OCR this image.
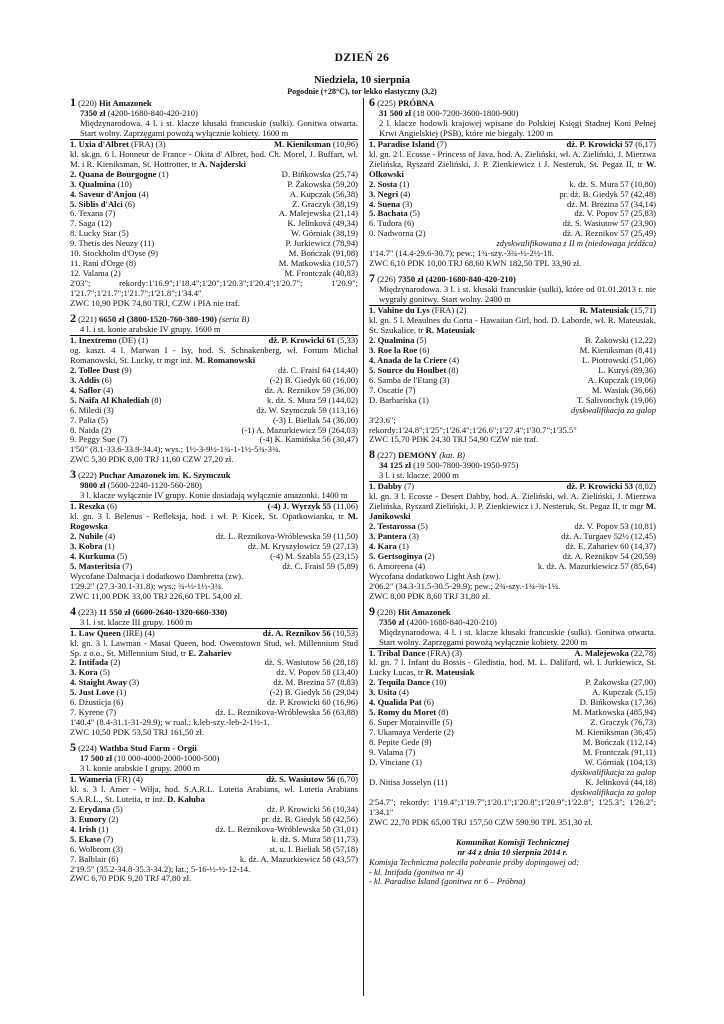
DZIEŃ 26
Niedziela, 10 sierpnia
Pogodnie (+28°C), tor lekko elastyczny (3,2)
1 (220) Hit Amazonek
7350 zł (4200-1680-840-420-210)
Międzynarodowa. 4 l. i st. klacze kłusaki francuskie (sulki). Gonitwa otwarta. Start wolny. Zaprzęgami powożą wyłącznie kobiety. 1600 m
1. Uxia d'Albret (FRA) (3)	M. Kieniksman (10,96)
kl. sk.gn. 6 l. Honneur de France - Okita d' Albret, hod. Ch. Morel, J. Buffart, wł. M. i R. Kieniksman, St. Hottrotter, tr A. Najderski
2. Quana de Bourgogne (1)	D. Bińkowska (25,74)
3. Qualmina (10)	P. Żakowska (59,20)
4. Saveur d'Anjou (4)	A. Kupczak (56,38)
5. Siblis d'Alci (6)	Z. Graczyk (38,19)
6. Texana (7)	A. Malejewska (21,14)
7. Saga (12)	K. Jelinková (49,34)
8. Lucky Star (5)	W. Górniak (38,19)
9. Thetis des Neuzy (11)	P. Jurkiewicz (78,94)
10. Stockholm d'Oyse (9)	M. Bończak (91,08)
11. Rani d'Orge (8)	M. Matkowska (10,57)
12. Valama (2)	M. Frontczak (40,83)
2'03"; rekordy:1'16.9";1'18.4";1'20";1'20.3";1'20.4";1'20.7"; 1'20.9"; 1'21.7";1'21.7";1'21.7";1'21.8";1'34.4"
ZWC 10,90 PDK 74,80 TRJ, CZW i PIA nie traf.
2 (221) 6650 zł (3800-1520-760-380-190) (seria B)
4 l. i st. konie arabskie IV grupy. 1600 m
1. Inextremo (DE) (1)	dż. P. Krowicki 61 (5,33)
og. kaszt. 4 l. Marwan I - Isy, hod. S. Schnakenberg, wł. Fortum Michał Romanowski, St. Lucky, tr mgr inż. M. Romanowski
2. Tollee Dust (9)	dż. C. Fraisl 64 (14,40)
3. Addis (6)	(-2) B. Giedyk 60 (16,00)
4. Saflor (4)	dż. A. Reznikov 59 (36,00)
5. Naifa Al Khalediah (8)	k. dż. S. Mura 59 (144,02)
6. Miledi (3)	dż. W. Szymczuk 59 (113,16)
7. Palia (5)	(-3) I. Bieliak 54 (36,00)
8. Naida (2)	(-1) A. Mazurkiewicz 59 (264,03)
9. Peggy Sue (7)	(-4) K. Kamińska 56 (30,47)
1'50" (8.1-33.6-33.9-34.4); wys.; 1½-3-9½-1¾-1-1½-5¾-3¾.
ZWC 5,30 PDK 8,00 TRJ 11,60 CZW 27,20 zł.
3 (222) Puchar Amazonek im. K. Szymczuk
9800 zł (5600-2240-1120-560-280)
3 l. klacze wyłącznie IV grupy. Konie dosiadają wyłącznie amazonki. 1400 m
1. Reszka (6)	(-4) J. Wyrzyk 55 (11,06)
kl. gn. 3 l. Belenus - Refleksja, hod. i wł. P. Kicek, St. Opatkowianka, tr M. Rogowska
2. Nubile (4)	dż. L. Reznikova-Wróblewska 59 (11,50)
3. Kobra (1)	dż. M. Kryszyłowicz 59 (27,13)
4. Kurkuma (5)	(-4) M. Szabla 55 (23,15)
5. Masteritsia (7)	dż. C. Fraisl 59 (5,89)
Wycofane Dalmacja i dodatkowo Dambretta (zw).
1'29.2" (27.3-30.1-31.8); wys.; ¾-½-1½-3¾.
ZWC 11,00 PDK 33,00 TRJ 226,60 TPL 54,00 zł.
4 (223) 11 550 zł (6600-2640-1320-660-330)
3 l. i st. klacze III grupy. 1600 m
1. Law Queen (IRE) (4)	dż. A. Reznikov 56 (10,53)
kl. gn. 3 l. Lawman - Masai Queen, hod. Owenstown Stud, wł. Millennium Stud Sp. z o.o., St. Millennium Stud, tr E. Zahariev
2. Intifada (2)	dż. S. Wasiutow 56 (28,18)
3. Kora (5)	dż. V. Popov 58 (13,40)
4. Staight Away (3)	dż. M. Brezina 57 (8,83)
5. Just Love (1)	(-2) B. Giedyk 56 (29,04)
6. Dżustícja (6)	dż. P. Krowicki 60 (16,96)
7. Kyrene (7)	dż. L. Reznikova-Wróblewska 56 (63,88)
1'40.4" (8.4-31.1-31-29.9); w rual.; k.leb-szy.-leb-2-1½-1.
ZWC 10,50 PDK 53,50 TRJ 161,50 zł.
5 (224) Wathba Stud Farm - Orgii
17 500 zł (10 000-4000-2000-1000-500)
3 l. konie arabskie I grupy. 2000 m
1. Wameria (FR) (4)	dż. S. Wasiutow 56 (6,70)
kl. s. 3 l. Amer - Wiłja, hod. S.A.R.L. Lutetia Arabians, wł. Lutetia Arabians S.A.R.L., St. Lutetia, tr inż. D. Kałuba
2. Erydana (5)	dż. P. Krowicki 56 (10,34)
3. Eunory (2)	pr. dż. B. Giedyk 58 (42,56)
4. Irish (1)	dż. L. Reznikova-Wróblewska 58 (31,01)
5. Ekaso (7)	k. dż. S. Mura 58 (11,73)
6. Wolbrom (3)	st. u. I. Bieliak 58 (57,18)
7. Balblair (6)	k. dż. A. Mazurkiewicz 58 (43,57)
2'19.5" (35.2-34.8-35.3-34.2); łat.; 5-16-½-½-12-14.
ZWC 6,70 PDK 9,20 TRJ 47,80 zł.
6 (225) PRÓBNA
31 500 zł (18 000-7200-3600-1800-900)
2 l. klacze hodowli krajowej wpisane do Polskiej Księgi Stadnej Koni Pełnej Krwi Angielskiej (PSB), które nie biegały. 1200 m
1. Paradise Island (7)	dż. P. Krowicki 57 (6,17)
kl. gn. 2 l. Ecosse - Princess of Java, hod. A. Zieliński, wł. A. Zieliński, J. Mierzwa Zielińska, Ryszard Zieliński, J. P. Zienkiewicz i J. Nesteruk, St. Pegaz II, tr W. Olkowski
2. Sosta (1)	k. dż. S. Mura 57 (10,80)
3. Negri (4)	pr. dż. B. Giedyk 57 (42,48)
4. Suena (3)	dż. M. Brezina 57 (34,14)
5. Bachata (5)	dż. V. Popov 57 (25,83)
6. Tudora (6)	dż. S. Wasiutow 57 (23,90)
0. Nadworna (2)	dż. A. Reznikov 57 (25,49)
zdyskwalifikowana z II m (niedowaga jeźdźca)
1'14.7" (14.4-29.6-30.7); pew.; 1¾-szy.-3¾-½-2½-18.
ZWC 6,10 PDK 10,00 TRJ 68,60 KWN 182,50 TPL 33,90 zł.
7 (226) 7350 zł (4200-1680-840-420-210)
Międzynarodowa. 3 l. i st. kłusaki francuskie (sulki), które od 01.01.2013 r. nie wygrały gonitwy. Start wolny. 2400 m
1. Vahine du Lys (FRA) (2)	R. Mateusiak (15,71)
kl. gn. 5 l. Meaulnes du Corta - Hawaiian Girl, hod. D. Laborde, wł. R. Mateusiak, St. Szukalice, tr R. Mateusiak
2. Qualmina (5)	B. Żakowski (12,22)
3. Roe la Roe (6)	M. Kieniksman (8,41)
4. Anada de la Criere (4)	L. Piotrowski (51,06)
5. Source du Houlbet (8)	L. Kuryś (89,36)
6. Samba de l'Etang (3)	A. Kupczak (19,06)
7. Oscatie (7)	M. Wasiak (36,66)
D. Barbariska (1)	T. Salivonchyk (19,06)
dyskwalifikacja za galop
3'23.6";
rekordy:1'24.8";1'25";1'26.4";1'26.6";1'27.4";1'30.7";1'35.5"
ZWC 15,70 PDK 24,30 TRJ 54,90 CZW nie traf.
8 (227) DEMONY (kat. B)
34 125 zł (19 500-7800-3900-1950-975)
3 l. i st. klacze. 2000 m
1. Dabby (7)	dż. P. Krowicki 53 (8,02)
kl. gn. 3 l. Ecosse - Desert Dabby, hod. A. Zieliński, wł. A. Zieliński, J. Mierzwa Zielińska, Ryszard Zieliński, J. P. Zienkiewicz i J. Nesteruk, St. Pegaz II, tr mgr M. Janikowski
2. Testarossa (5)	dż. V. Popov 53 (10,81)
3. Pantera (3)	dż. A. Turgaev 52½ (12,45)
4. Kara (1)	dż. E. Zahariev 60 (14,37)
5. Gertsoginya (2)	dż. A. Reznikov 54 (20,59)
6. Amoreena (4)	k. dż. A. Mazurkiewicz 57 (85,64)
Wycofana dodatkowo Light Ash (zw).
2'06.2" (34.3-31.5-30.5-29.9); pew.; 2¾-szy.-1¾-¾-1¼.
ZWC 8,00 PDK 8,60 TRJ 31,80 zł.
9 (228) Hit Amazonek
7350 zł (4200-1680-840-420-210)
Międzynarodowa. 4 l. i st. klacze kłusaki francuskie (sulki). Gonitwa otwarta. Start wolny. Zaprzęgami powożą wyłącznie kobiety. 2200 m
1. Tribal Dance (FRA) (3)	A. Malejewska (22,78)
kl. gn. 7 l. Infant du Bossis - Gledistia, hod. M. L. Dalifard, wł. I. Jurkiewicz, St. Lucky Lucas, tr R. Mateusiak
2. Tequila Dance (10)	P. Żakowska (27,00)
3. Usita (4)	A. Kupczak (5,15)
4. Qualida Pat (6)	D. Bińkowska (17,36)
5. Romy du Moret (8)	M. Matkowska (485,94)
6. Super Morainville (5)	Z. Graczyk (76,73)
7. Ukamaya Verderie (2)	M. Kieniksman (36,45)
8. Pepite Gede (9)	M. Bończak (112,14)
9. Valama (7)	M. Frontczak (91,11)
D. Vinciane (1)	W. Górniak (104,13)
dyskwalifikacja za galop
D. Nitisa Josselyn (11)	K. Jelinková (44,18)
dyskwalifikacja za galop
2'54.7"; rekordy: 1'19.4";1'19.7";1'20.1";1'20.8";1'20.9";1'22.8"; 1'25.3"; 1'26.2"; 1'34.1"
ZWC 22,70 PDK 65,00 TRJ 157,50 CZW 590.90 TPL 351,30 zł.
Komunikat Komisji Technicznej
nr 44 z dnia 10 sierpnia 2014 r.
Komisja Techniczna poleciła pobranie próby dopingowej od:
- kl. Intifada (gonitwa nr 4)
- kl. Paradise Island (gonitwa nr 6 – Próbna)
